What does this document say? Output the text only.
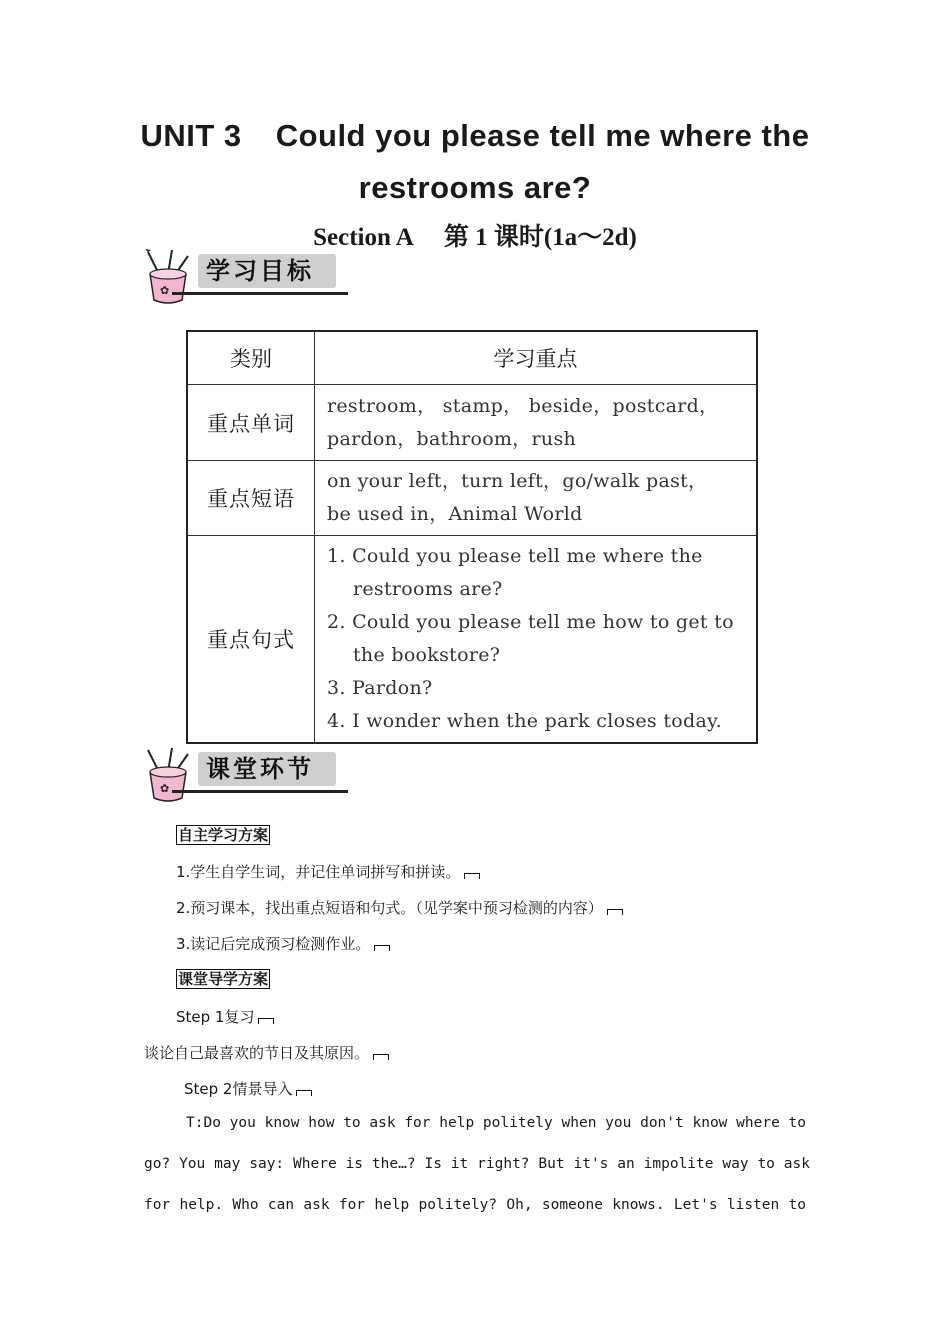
UNIT 3 Could you please tell me where the
restrooms are?
Section A 第 1 课时(1a～2d)
✿
学习目标
类别	学习重点
重点单词	restroom， stamp， beside，postcard，
pardon，bathroom，rush

重点短语	on your left，turn left，go/walk past，
be used in，Animal World

重点句式	1. Could you please tell me where the restrooms are?
2. Could you please tell me how to get to the bookstore?
3. Pardon?
4. I wonder when the park closes today.
✿
课堂环节
自主学习方案
1.学生自学生词，并记住单词拼写和拼读。
2.预习课本，找出重点短语和句式。（见学案中预习检测的内容）
3.读记后完成预习检测作业。
课堂导学方案
Step 1复习
谈论自己最喜欢的节日及其原因。
Step 2情景导入
T:Do you know how to ask for help politely when you don't know where to
go? You may say: Where is the…? Is it right? But it's an impolite way to ask
for help. Who can ask for help politely? Oh, someone knows. Let's listen to
